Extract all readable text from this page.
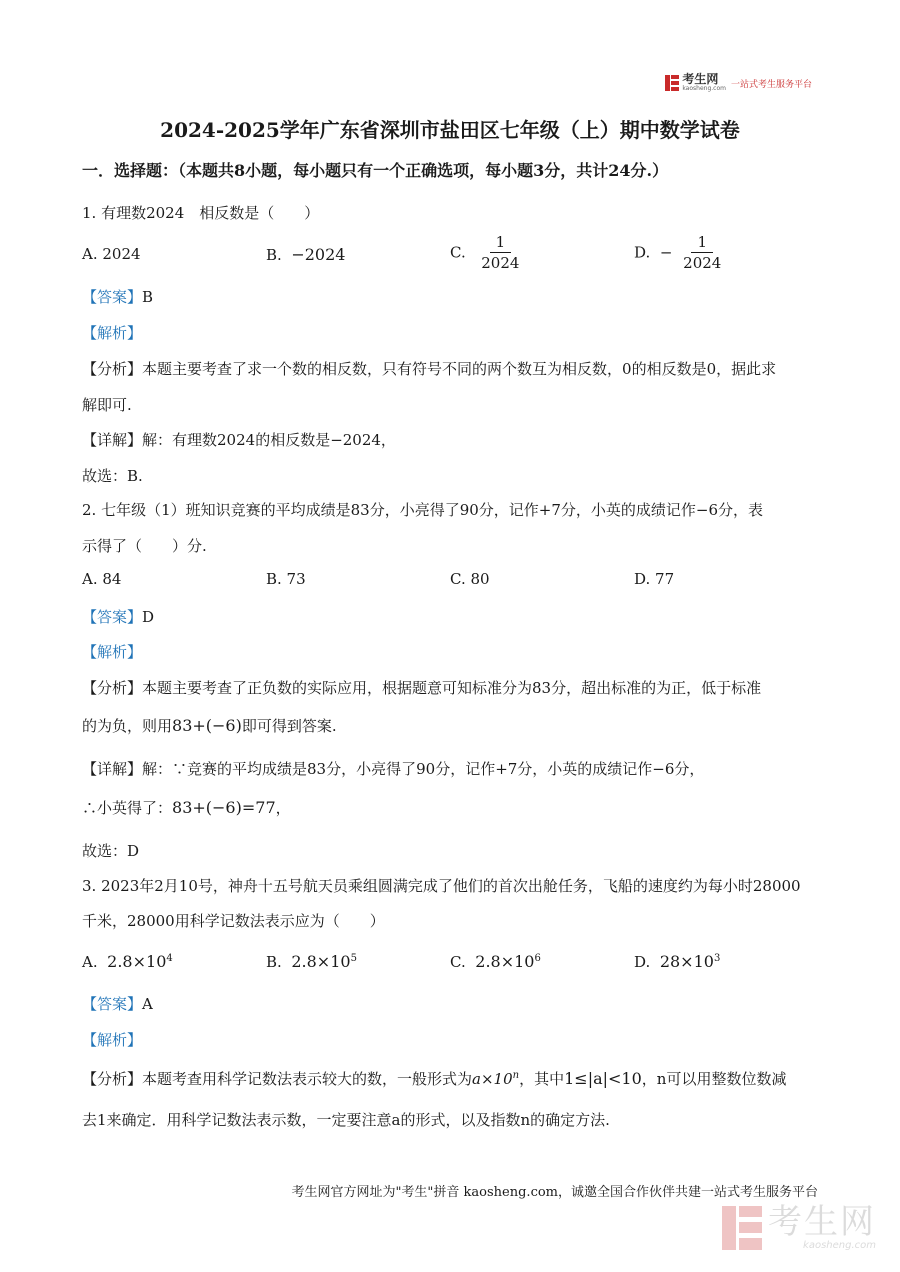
考生网
kaosheng.com 一站式考生服务平台
2024-2025学年广东省深圳市盐田区七年级（上）期中数学试卷
一．选择题：（本题共8小题，每小题只有一个正确选项，每小题3分，共计24分.）
1. 有理数2024　相反数是（　　）
A. 2024	B. −2024	C. $\frac{1}{2024}$	D. − $\frac{1}{2024}$
【答案】B
【解析】
【分析】本题主要考查了求一个数的相反数，只有符号不同的两个数互为相反数，0的相反数是0，据此求
解即可.
【详解】解：有理数2024的相反数是−2024，
故选：B.
2. 七年级（1）班知识竞赛的平均成绩是83分，小亮得了90分，记作+7分，小英的成绩记作−6分，表
示得了（　　）分.
A. 84	B. 73	C. 80	D. 77
【答案】D
【解析】
【分析】本题主要考查了正负数的实际应用，根据题意可知标准分为83分，超出标准的为正，低于标准
的为负，则用83+(−6)即可得到答案.
【详解】解：∵竞赛的平均成绩是83分，小亮得了90分，记作+7分，小英的成绩记作−6分，
∴小英得了：83+(−6)=77，
故选：D
3. 2023年2月10号，神舟十五号航天员乘组圆满完成了他们的首次出舱任务，飞船的速度约为每小时28000
千米，28000用科学记数法表示应为（　　）
A. $2.8\times 10^4$	B. $2.8\times 10^5$	C. $2.8\times 10^6$	D. $28\times 10^3$
【答案】A
【解析】
【分析】本题考查用科学记数法表示较大的数，一般形式为$a\times 10^n$，其中1≤|a|<10，n可以用整数位数减
去1来确定．用科学记数法表示数，一定要注意a的形式，以及指数n的确定方法.
考生网官方网址为"考生"拼音 kaosheng.com，诚邀全国合作伙伴共建一站式考生服务平台
考生网
kaosheng.com
